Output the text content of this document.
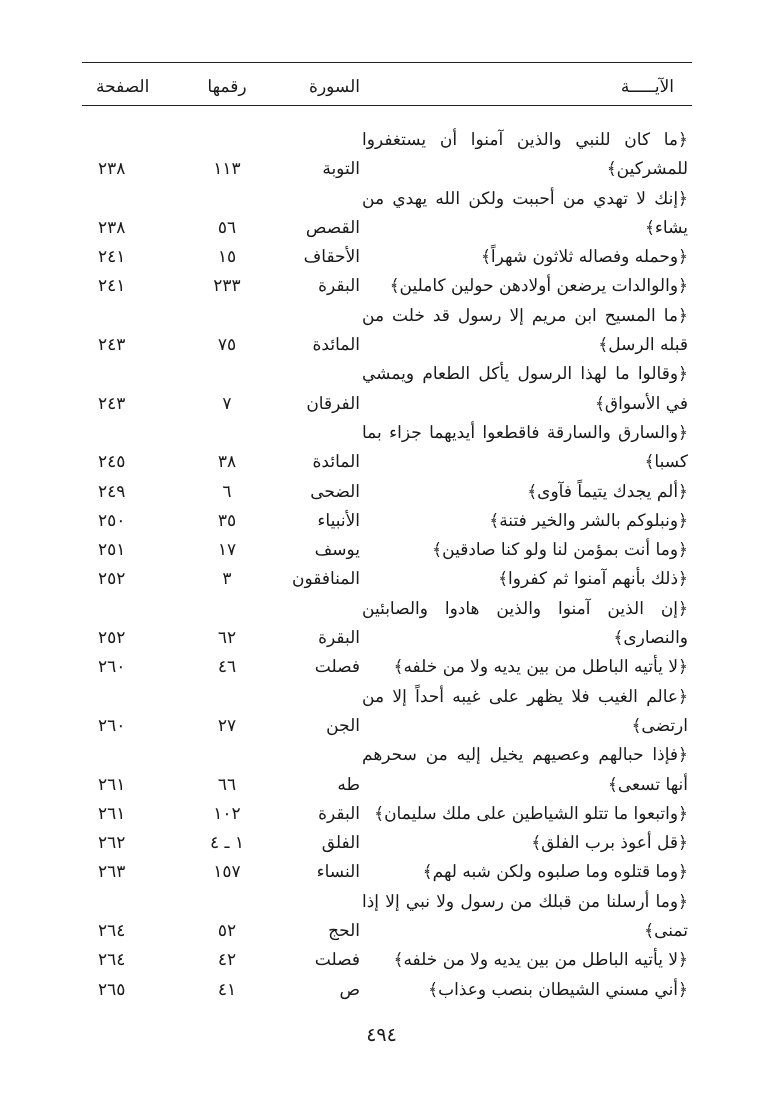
الآيـــــة	السورة	رقمها	الصفحة

﴿ما كان للنبي والذين آمنوا أن يستغفروا للمشركين﴾	التوبة	١١٣	٢٣٨

﴿إنك لا تهدي من أحببت ولكن الله يهدي من يشاء﴾	القصص	٥٦	٢٣٨

﴿وحمله وفصاله ثلاثون شهراً﴾	الأحقاف	١٥	٢٤١

﴿والوالدات يرضعن أولادهن حولين كاملين﴾	البقرة	٢٣٣	٢٤١

﴿ما المسيح ابن مريم إلا رسول قد خلت من قبله الرسل﴾	المائدة	٧٥	٢٤٣

﴿وقالوا ما لهذا الرسول يأكل الطعام ويمشي في الأسواق﴾	الفرقان	٧	٢٤٣

﴿والسارق والسارقة فاقطعوا أيديهما جزاء بما كسبا﴾	المائدة	٣٨	٢٤٥

﴿ألم يجدك يتيماً فآوى﴾	الضحى	٦	٢٤٩

﴿ونبلوكم بالشر والخير فتنة﴾	الأنبياء	٣٥	٢٥٠

﴿وما أنت بمؤمن لنا ولو كنا صادقين﴾	يوسف	١٧	٢٥١

﴿ذلك بأنهم آمنوا ثم كفروا﴾	المنافقون	٣	٢٥٢

﴿إن الذين آمنوا والذين هادوا والصابئين والنصارى﴾	البقرة	٦٢	٢٥٢

﴿لا يأتيه الباطل من بين يديه ولا من خلفه﴾	فصلت	٤٦	٢٦٠

﴿عالم الغيب فلا يظهر على غيبه أحداً إلا من ارتضى﴾	الجن	٢٧	٢٦٠

﴿فإذا حبالهم وعصيهم يخيل إليه من سحرهم أنها تسعى﴾	طه	٦٦	٢٦١

﴿واتبعوا ما تتلو الشياطين على ملك سليمان﴾	البقرة	١٠٢	٢٦١

﴿قل أعوذ برب الفلق﴾	الفلق	١ ـ ٤	٢٦٢

﴿وما قتلوه وما صلبوه ولكن شبه لهم﴾	النساء	١٥٧	٢٦٣

﴿وما أرسلنا من قبلك من رسول ولا نبي إلا إذا تمنى﴾	الحج	٥٢	٢٦٤

﴿لا يأتيه الباطل من بين يديه ولا من خلفه﴾	فصلت	٤٢	٢٦٤

﴿أني مسني الشيطان بنصب وعذاب﴾	ص	٤١	٢٦٥
٤٩٤
